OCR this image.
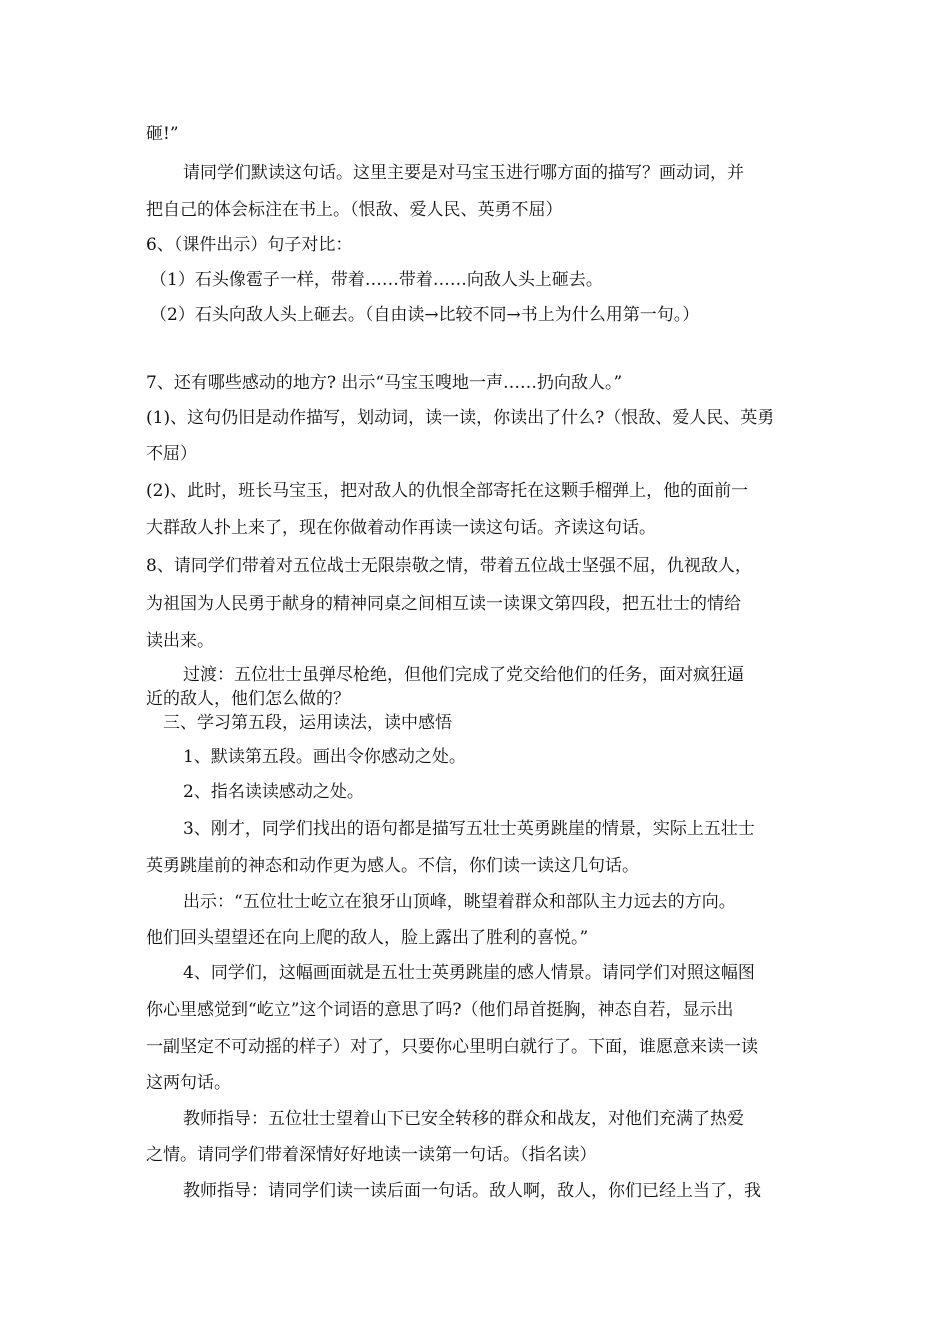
砸!”

请同学们默读这句话。这里主要是对马宝玉进行哪方面的描写？画动词，并

把自己的体会标注在书上。（恨敌、爱人民、英勇不屈）

6、（课件出示）句子对比：

（1）石头像雹子一样，带着……带着……向敌人头上砸去。

（2）石头向敌人头上砸去。（自由读→比较不同→书上为什么用第一句。）

7、还有哪些感动的地方? 出示“马宝玉嗖地一声……扔向敌人。”

(1)、这句仍旧是动作描写，划动词，读一读，你读出了什么?（恨敌、爱人民、英勇

不屈）

(2)、此时，班长马宝玉，把对敌人的仇恨全部寄托在这颗手榴弹上，他的面前一

大群敌人扑上来了，现在你做着动作再读一读这句话。齐读这句话。

8、请同学们带着对五位战士无限崇敬之情，带着五位战士坚强不屈，仇视敌人，

为祖国为人民勇于献身的精神同桌之间相互读一读课文第四段，把五壮士的情给

读出来。

过渡：五位壮士虽弹尽枪绝，但他们完成了党交给他们的任务，面对疯狂逼

近的敌人，他们怎么做的？

三、学习第五段，运用读法，读中感悟

1、默读第五段。画出令你感动之处。

2、指名读读感动之处。

3、刚才，同学们找出的语句都是描写五壮士英勇跳崖的情景，实际上五壮士

英勇跳崖前的神态和动作更为感人。不信，你们读一读这几句话。

出示：“五位壮士屹立在狼牙山顶峰，眺望着群众和部队主力远去的方向。

他们回头望望还在向上爬的敌人，脸上露出了胜利的喜悦。”

4、同学们，这幅画面就是五壮士英勇跳崖的感人情景。请同学们对照这幅图

你心里感觉到“屹立”这个词语的意思了吗?（他们昂首挺胸，神态自若，显示出

一副坚定不可动摇的样子）对了，只要你心里明白就行了。下面，谁愿意来读一读

这两句话。

教师指导：五位壮士望着山下已安全转移的群众和战友，对他们充满了热爱

之情。请同学们带着深情好好地读一读第一句话。（指名读）

教师指导：请同学们读一读后面一句话。敌人啊，敌人，你们已经上当了，我
